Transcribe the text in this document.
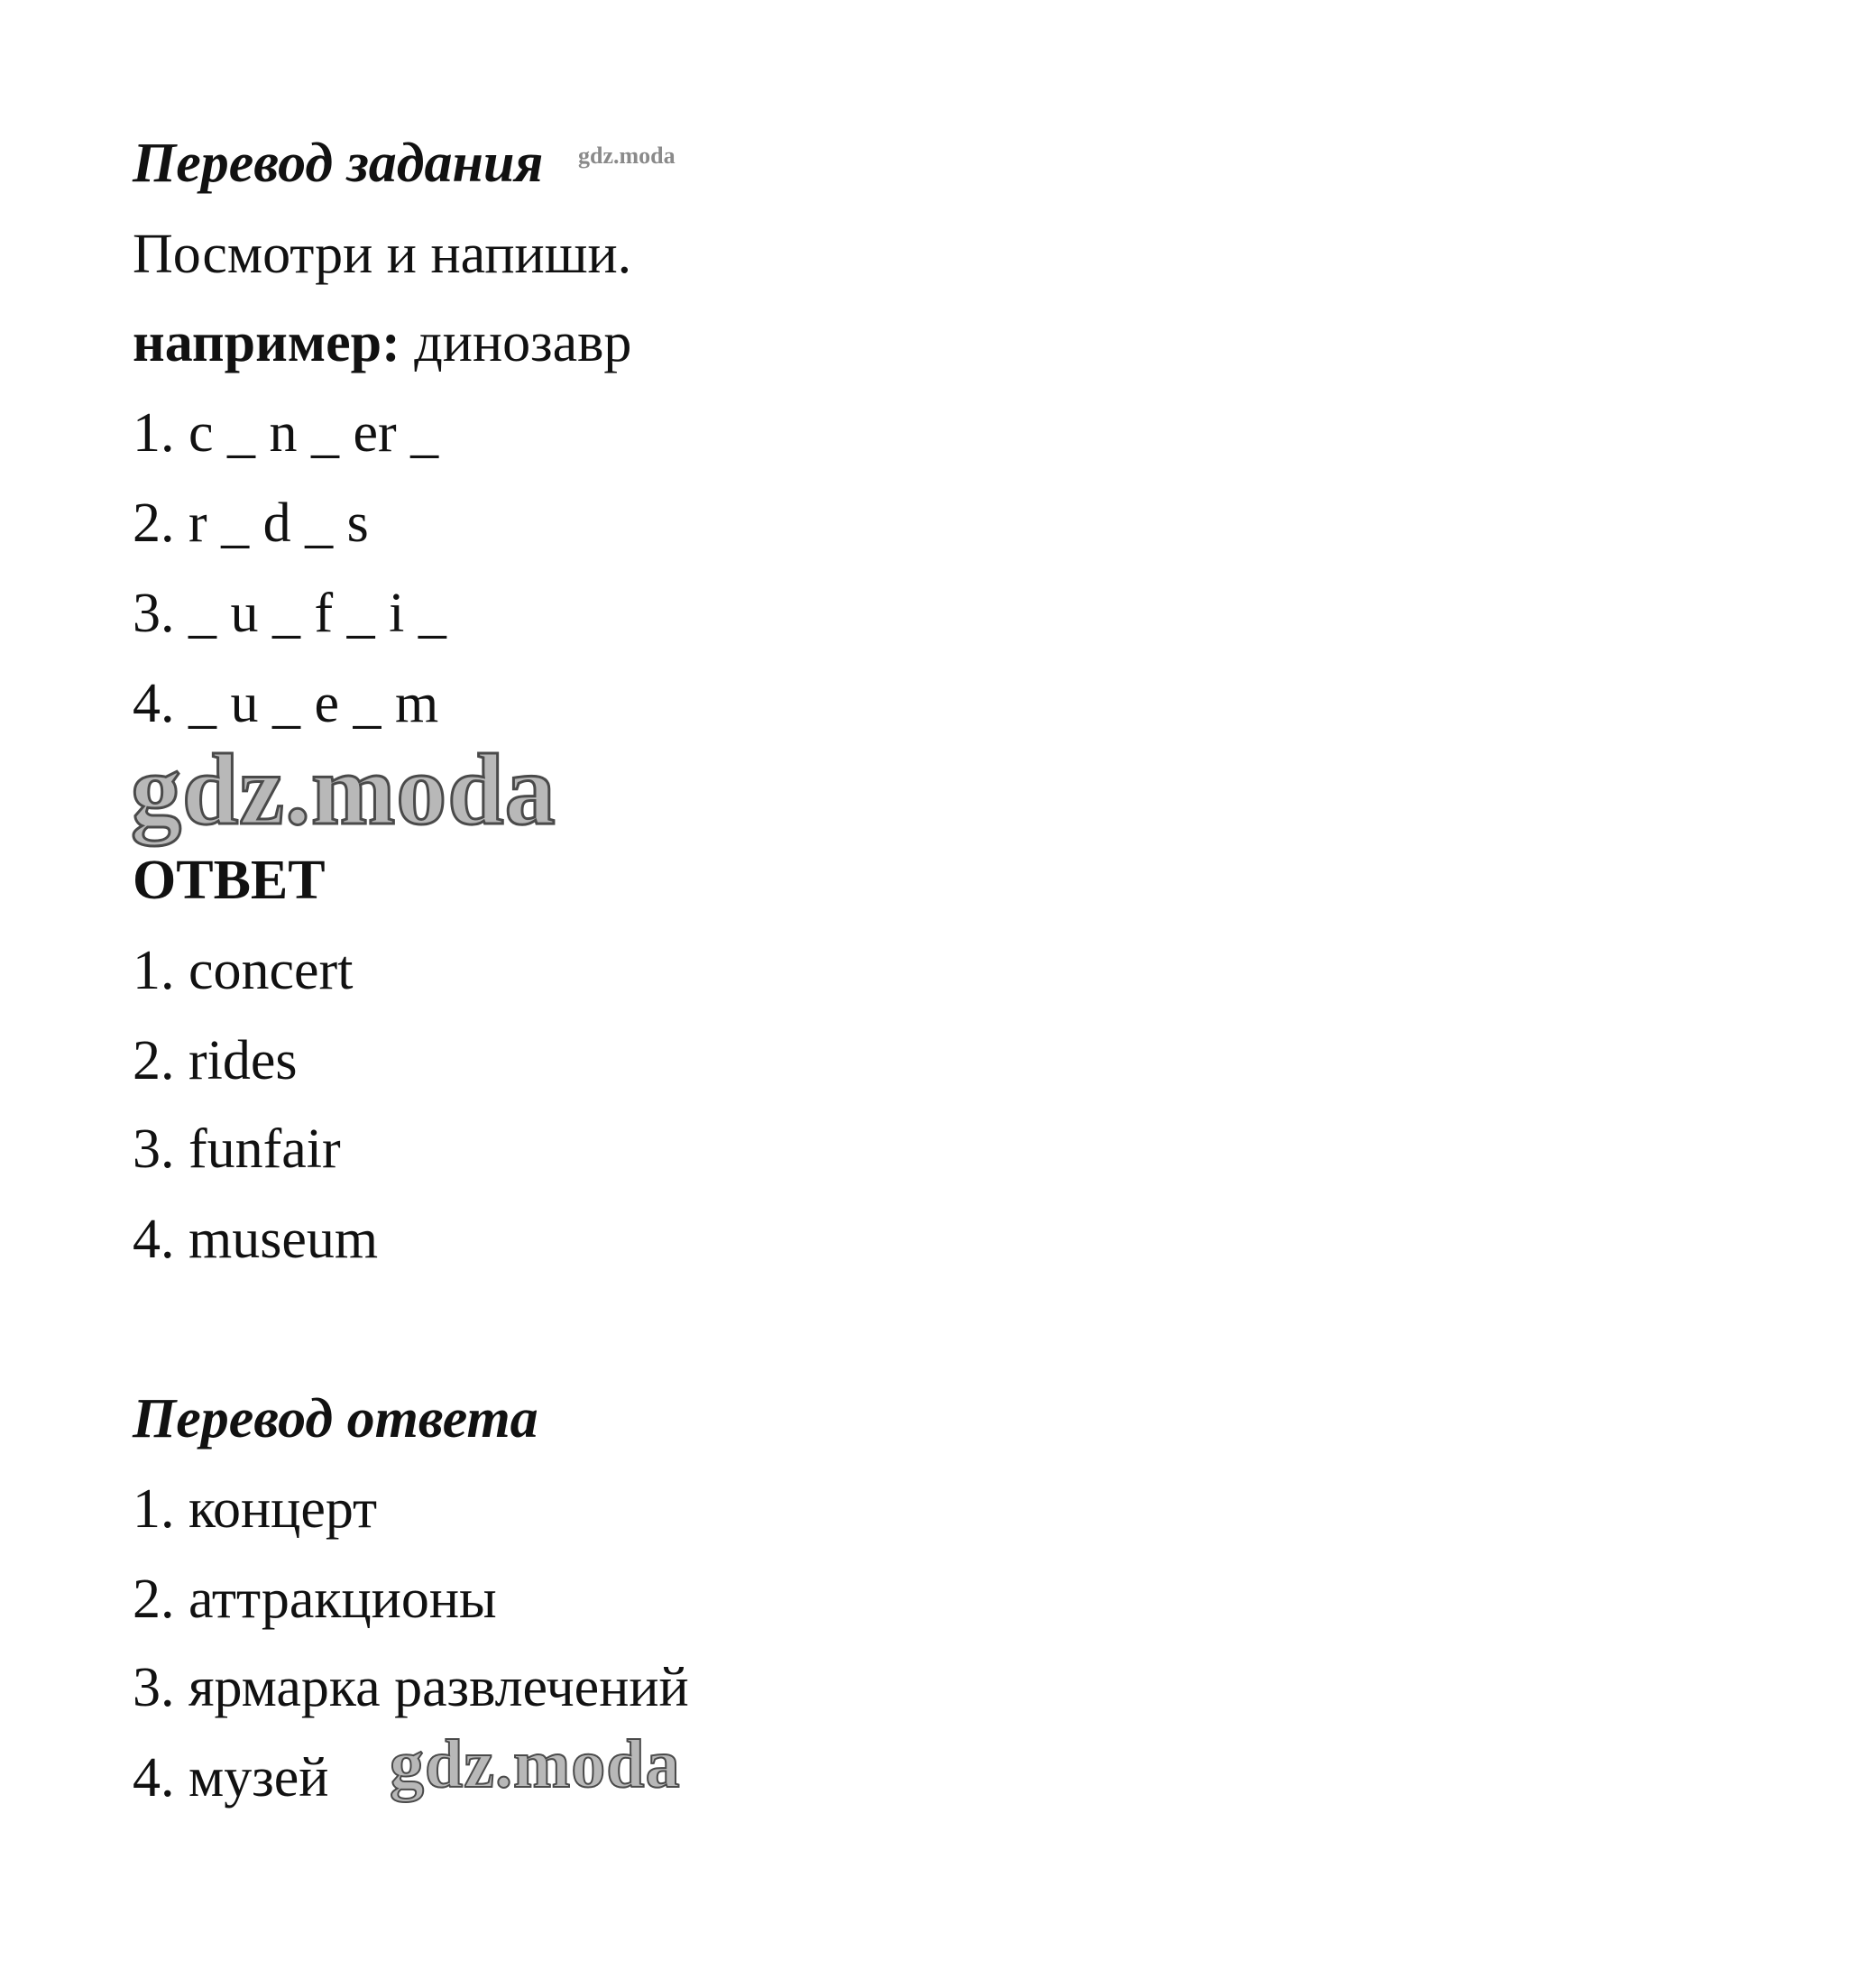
Перевод задания gdz.moda
Посмотри и напиши.
например: динозавр
1. c _ n _ er _
2. r _ d _ s
3. _ u _ f _ i _
4. _ u _ e _ m
gdz.moda
ОТВЕТ
1. concert
2. rides
3. funfair
4. museum
Перевод ответа
1. концерт
2. аттракционы
3. ярмарка развлечений
4. музей gdz.moda
